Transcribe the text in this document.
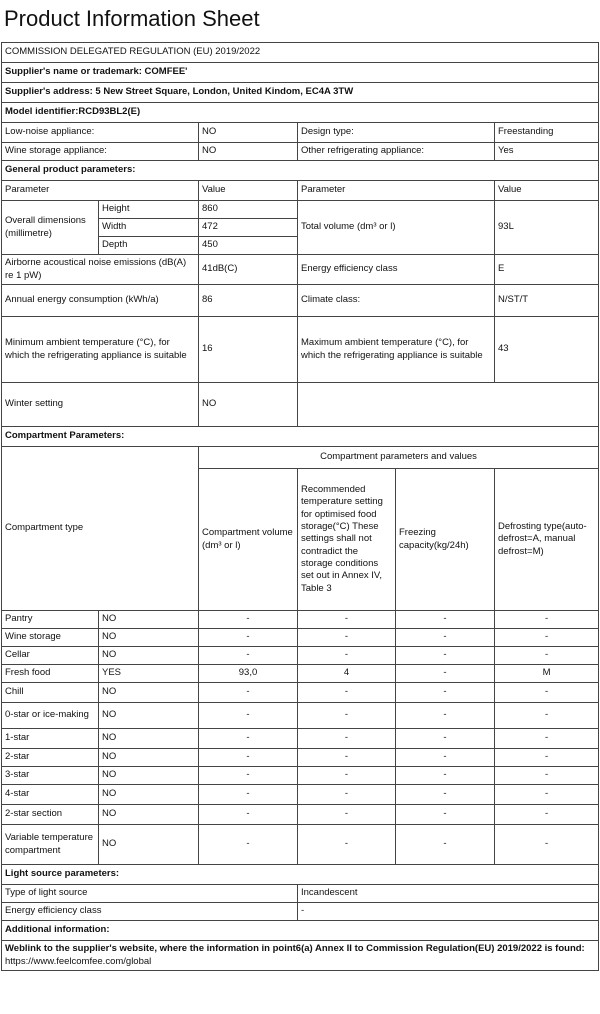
Product Information Sheet
COMMISSION DELEGATED REGULATION (EU) 2019/2022					
Supplier's name or trademark: COMFEE'					
Supplier's address: 5 New Street Square, London, United Kindom, EC4A 3TW					
Model identifier:RCD93BL2(E)					
Low-noise appliance:		NO	Design type:		Freestanding
Wine storage appliance:		NO	Other refrigerating appliance:		Yes
General product parameters:					
Parameter		Value	Parameter		Value
Overall dimensions (millimetre)	Height	860	Total volume (dm³ or l)		93L
	Width	472			
	Depth	450			
Airborne acoustical noise emissions (dB(A) re 1 pW)		41dB(C)	Energy efficiency class		E
Annual energy consumption (kWh/a)		86	Climate class:		N/ST/T
Minimum ambient temperature (°C), for which the refrigerating appliance is suitable		16	Maximum ambient temperature (°C), for which the refrigerating appliance is suitable		43
Winter setting		NO			
Compartment Parameters:					
Compartment type		Compartment parameters and values			
		Compartment volume (dm³ or l)	Recommended temperature setting for optimised food storage(°C) These settings shall not contradict the storage conditions set out in Annex IV, Table 3	Freezing capacity(kg/24h)	Defrosting type(auto-defrost=A, manual defrost=M)
Pantry	NO	-	-	-	-
Wine storage	NO	-	-	-	-
Cellar	NO	-	-	-	-
Fresh food	YES	93,0	4	-	M
Chill	NO	-	-	-	-
0-star or ice-making	NO	-	-	-	-
1-star	NO	-	-	-	-
2-star	NO	-	-	-	-
3-star	NO	-	-	-	-
4-star	NO	-	-	-	-
2-star section	NO	-	-	-	-
Variable temperature compartment	NO	-	-	-	-
Light source parameters:					
Type of light source			Incandescent		
Energy efficiency class			-		
Additional information:					

Weblink to the supplier's website, where the information in point6(a) Annex II to Commission Regulation(EU) 2019/2022 is found:
https://www.feelcomfee.com/global					
